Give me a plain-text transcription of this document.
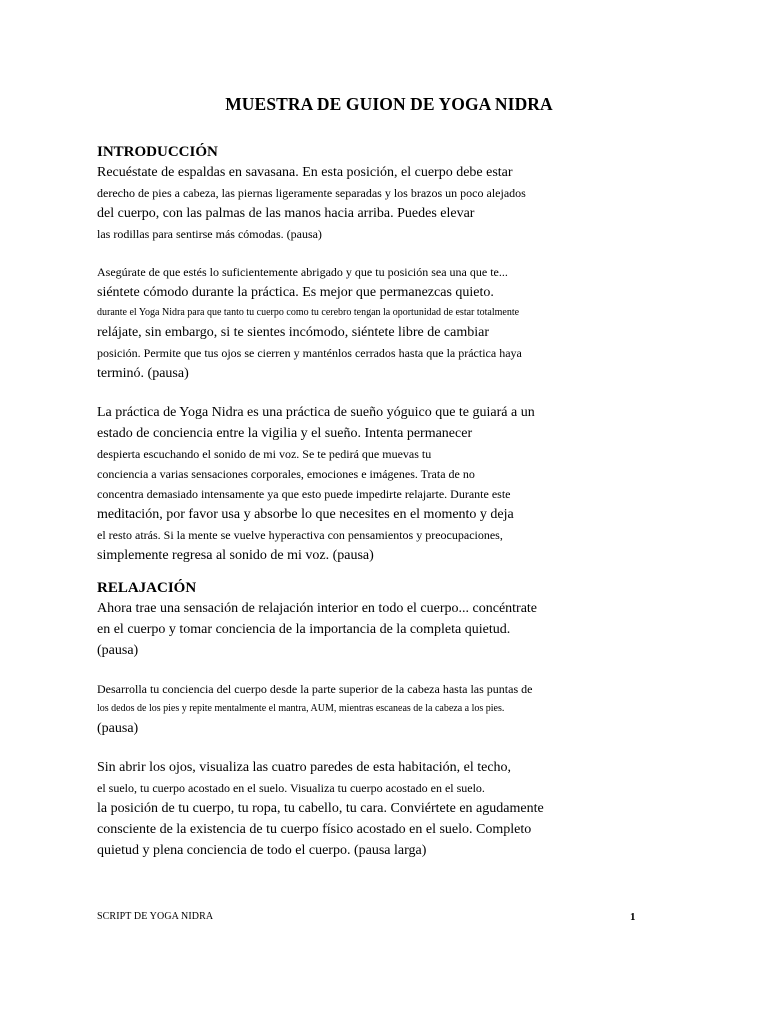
MUESTRA DE GUION DE YOGA NIDRA
INTRODUCCIÓN
Recuéstate de espaldas en savasana. En esta posición, el cuerpo debe estar
derecho de pies a cabeza, las piernas ligeramente separadas y los brazos un poco alejados
del cuerpo, con las palmas de las manos hacia arriba. Puedes elevar
las rodillas para sentirse más cómodas. (pausa)
Asegúrate de que estés lo suficientemente abrigado y que tu posición sea una que te...
siéntete cómodo durante la práctica. Es mejor que permanezcas quieto.
durante el Yoga Nidra para que tanto tu cuerpo como tu cerebro tengan la oportunidad de estar totalmente
relájate, sin embargo, si te sientes incómodo, siéntete libre de cambiar
posición. Permite que tus ojos se cierren y manténlos cerrados hasta que la práctica haya
terminó. (pausa)
La práctica de Yoga Nidra es una práctica de sueño yóguico que te guiará a un
estado de conciencia entre la vigilia y el sueño. Intenta permanecer
despierta escuchando el sonido de mi voz. Se te pedirá que muevas tu
conciencia a varias sensaciones corporales, emociones e imágenes. Trata de no
concentra demasiado intensamente ya que esto puede impedirte relajarte. Durante este
meditación, por favor usa y absorbe lo que necesites en el momento y deja
el resto atrás. Si la mente se vuelve hyperactiva con pensamientos y preocupaciones,
simplemente regresa al sonido de mi voz. (pausa)
RELAJACIÓN
Ahora trae una sensación de relajación interior en todo el cuerpo... concéntrate
en el cuerpo y tomar conciencia de la importancia de la completa quietud.
(pausa)
Desarrolla tu conciencia del cuerpo desde la parte superior de la cabeza hasta las puntas de
los dedos de los pies y repite mentalmente el mantra, AUM, mientras escaneas de la cabeza a los pies.
(pausa)
Sin abrir los ojos, visualiza las cuatro paredes de esta habitación, el techo,
el suelo, tu cuerpo acostado en el suelo. Visualiza tu cuerpo acostado en el suelo.
la posición de tu cuerpo, tu ropa, tu cabello, tu cara. Conviértete en agudamente
consciente de la existencia de tu cuerpo físico acostado en el suelo. Completo
quietud y plena conciencia de todo el cuerpo. (pausa larga)
SCRIPT DE YOGA NIDRA	1
